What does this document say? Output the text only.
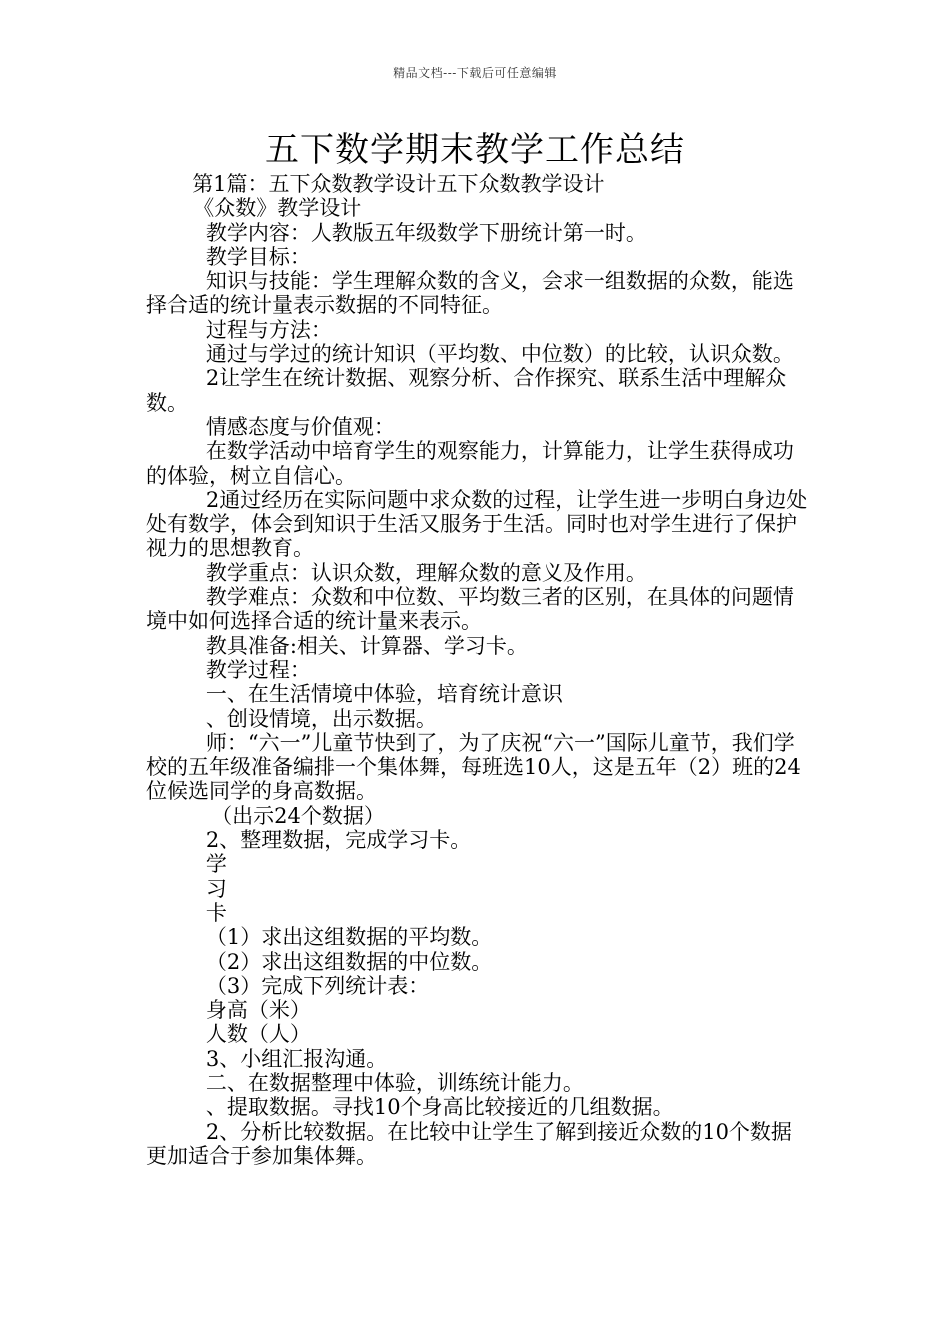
精品文档---下载后可任意编辑
五下数学期末教学工作总结

第1篇：五下众数教学设计五下众数教学设计

《众数》教学设计

教学内容：人教版五年级数学下册统计第一时。

教学目标：

知识与技能：学生理解众数的含义，会求一组数据的众数，能选择合适的统计量表示数据的不同特征。

过程与方法：

通过与学过的统计知识（平均数、中位数）的比较，认识众数。

2让学生在统计数据、观察分析、合作探究、联系生活中理解众数。

情感态度与价值观：

在数学活动中培育学生的观察能力，计算能力，让学生获得成功的体验，树立自信心。

2通过经历在实际问题中求众数的过程，让学生进一步明白身边处处有数学，体会到知识于生活又服务于生活。同时也对学生进行了保护视力的思想教育。

教学重点：认识众数，理解众数的意义及作用。

教学难点：众数和中位数、平均数三者的区别，在具体的问题情境中如何选择合适的统计量来表示。

教具准备:相关、计算器、学习卡。

教学过程：

一、在生活情境中体验，培育统计意识

、创设情境，出示数据。

师：“六一”儿童节快到了，为了庆祝“六一”国际儿童节，我们学校的五年级准备编排一个集体舞，每班选10人，这是五年（2）班的24位候选同学的身高数据。

（出示24个数据）

2、整理数据，完成学习卡。

学

习

卡

（1）求出这组数据的平均数。

（2）求出这组数据的中位数。

（3）完成下列统计表：

身高（米）

人数（人）

3、小组汇报沟通。

二、在数据整理中体验，训练统计能力。

、提取数据。寻找10个身高比较接近的几组数据。

2、分析比较数据。在比较中让学生了解到接近众数的10个数据更加适合于参加集体舞。
